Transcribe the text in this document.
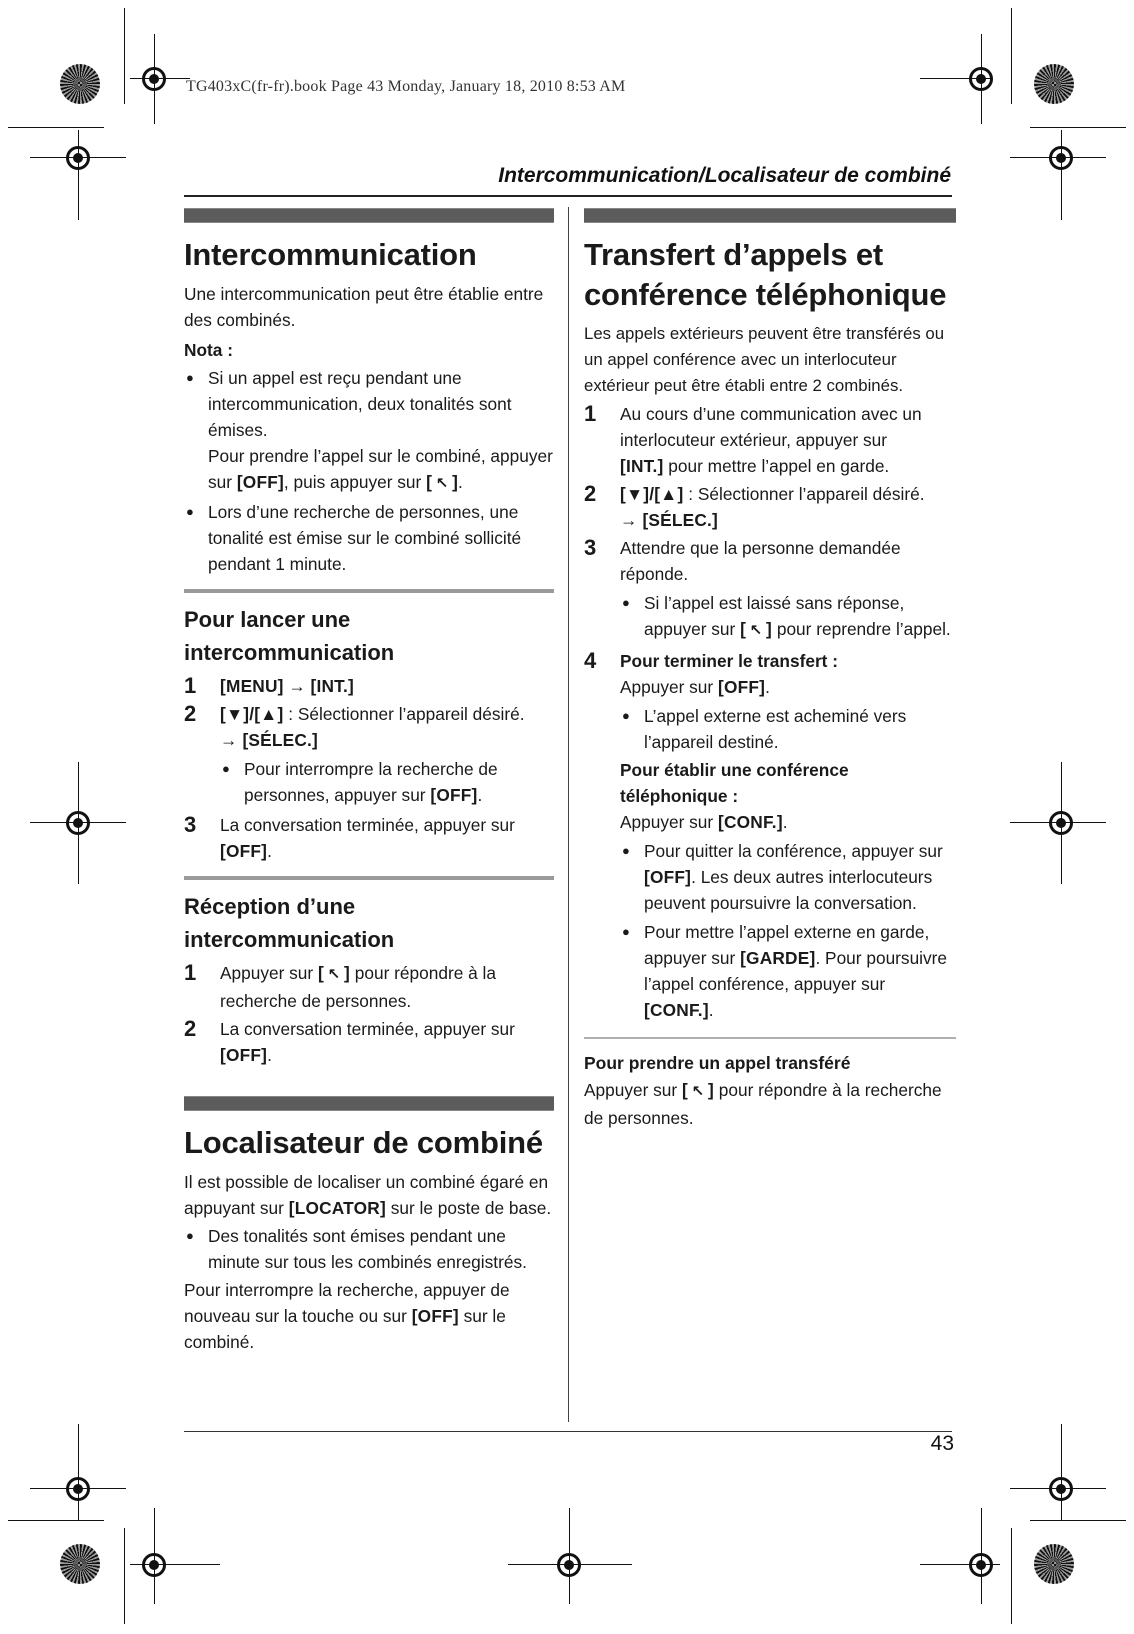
TG403xC(fr-fr).book Page 43 Monday, January 18, 2010 8:53 AM
Intercommunication/Localisateur de combiné
Intercommunication

Une intercommunication peut être établie entre des combinés.

Nota :

● Si un appel est reçu pendant une intercommunication, deux tonalités sont émises.
Pour prendre l’appel sur le combiné, appuyer sur [OFF], puis appuyer sur [ ↖ ].
● Lors d’une recherche de personnes, une tonalité est émise sur le combiné sollicité pendant 1 minute.
Pour lancer une intercommunication
1	[MENU] → [INT.]
2	[▼]/[▲] : Sélectionner l’appareil désiré.
→ [SÉLEC.]
● Pour interrompre la recherche de personnes, appuyer sur [OFF].
3	La conversation terminée, appuyer sur
[OFF].
Réception d’une intercommunication
1	Appuyer sur [ ↖ ] pour répondre à la recherche de personnes.
2	La conversation terminée, appuyer sur
[OFF].
Localisateur de combiné

Il est possible de localiser un combiné égaré en appuyant sur [LOCATOR] sur le poste de base.

● Des tonalités sont émises pendant une minute sur tous les combinés enregistrés.

Pour interrompre la recherche, appuyer de nouveau sur la touche ou sur [OFF] sur le combiné.

Transfert d’appels et conférence téléphonique

Les appels extérieurs peuvent être transférés ou un appel conférence avec un interlocuteur extérieur peut être établi entre 2 combinés.

1	Au cours d’une communication avec un interlocuteur extérieur, appuyer sur
[INT.] pour mettre l’appel en garde.
2	[▼]/[▲] : Sélectionner l’appareil désiré.
→ [SÉLEC.]
3	Attendre que la personne demandée réponde.
● Si l’appel est laissé sans réponse, appuyer sur [ ↖ ] pour reprendre l’appel.
4	Pour terminer le transfert :
Appuyer sur [OFF].
● L’appel externe est acheminé vers l’appareil destiné.
Pour établir une conférence téléphonique :
Appuyer sur [CONF.].
● Pour quitter la conférence, appuyer sur [OFF]. Les deux autres interlocuteurs peuvent poursuivre la conversation.
● Pour mettre l’appel externe en garde, appuyer sur [GARDE]. Pour poursuivre l’appel conférence, appuyer sur [CONF.].
Pour prendre un appel transféré

Appuyer sur [ ↖ ] pour répondre à la recherche de personnes.

43
